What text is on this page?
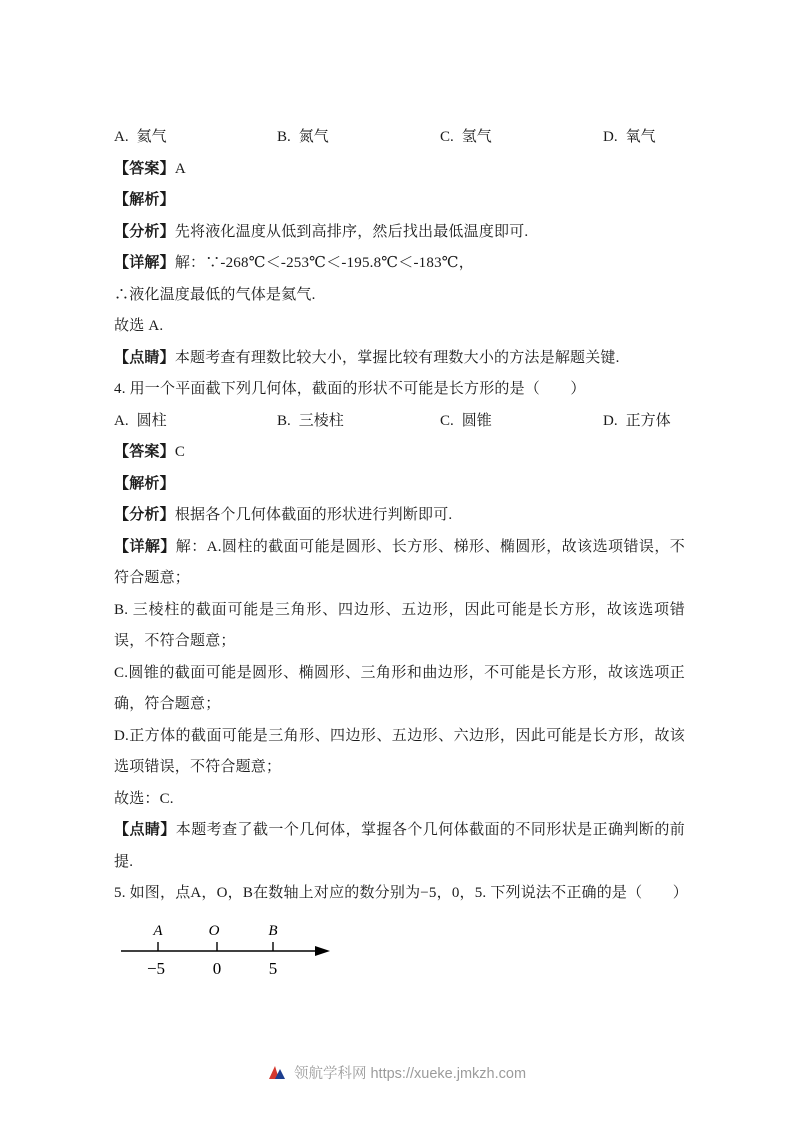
A. 氦气	B. 氮气	C. 氢气	D. 氧气

【答案】A

【解析】

【分析】先将液化温度从低到高排序，然后找出最低温度即可.

【详解】解：∵-268℃＜-253℃＜-195.8℃＜-183℃，

∴液化温度最低的气体是氦气.

故选 A.

【点睛】本题考查有理数比较大小，掌握比较有理数大小的方法是解题关键.

4. 用一个平面截下列几何体，截面的形状不可能是长方形的是（　　）

A. 圆柱	B. 三棱柱	C. 圆锥	D. 正方体

【答案】C

【解析】

【分析】根据各个几何体截面的形状进行判断即可.

【详解】解：A.圆柱的截面可能是圆形、长方形、梯形、椭圆形，故该选项错误，不符合题意；

B. 三棱柱的截面可能是三角形、四边形、五边形，因此可能是长方形，故该选项错误，不符合题意；

C.圆锥的截面可能是圆形、椭圆形、三角形和曲边形，不可能是长方形，故该选项正确，符合题意；

D.正方体的截面可能是三角形、四边形、五边形、六边形，因此可能是长方形，故该选项错误，不符合题意；

故选：C.

【点睛】本题考查了截一个几何体，掌握各个几何体截面的不同形状是正确判断的前提.

5. 如图，点A，O，B在数轴上对应的数分别为−5，0，5. 下列说法不正确的是（　　）

A	O	B
−5	0	5
领航学科网 https://xueke.jmkzh.com
